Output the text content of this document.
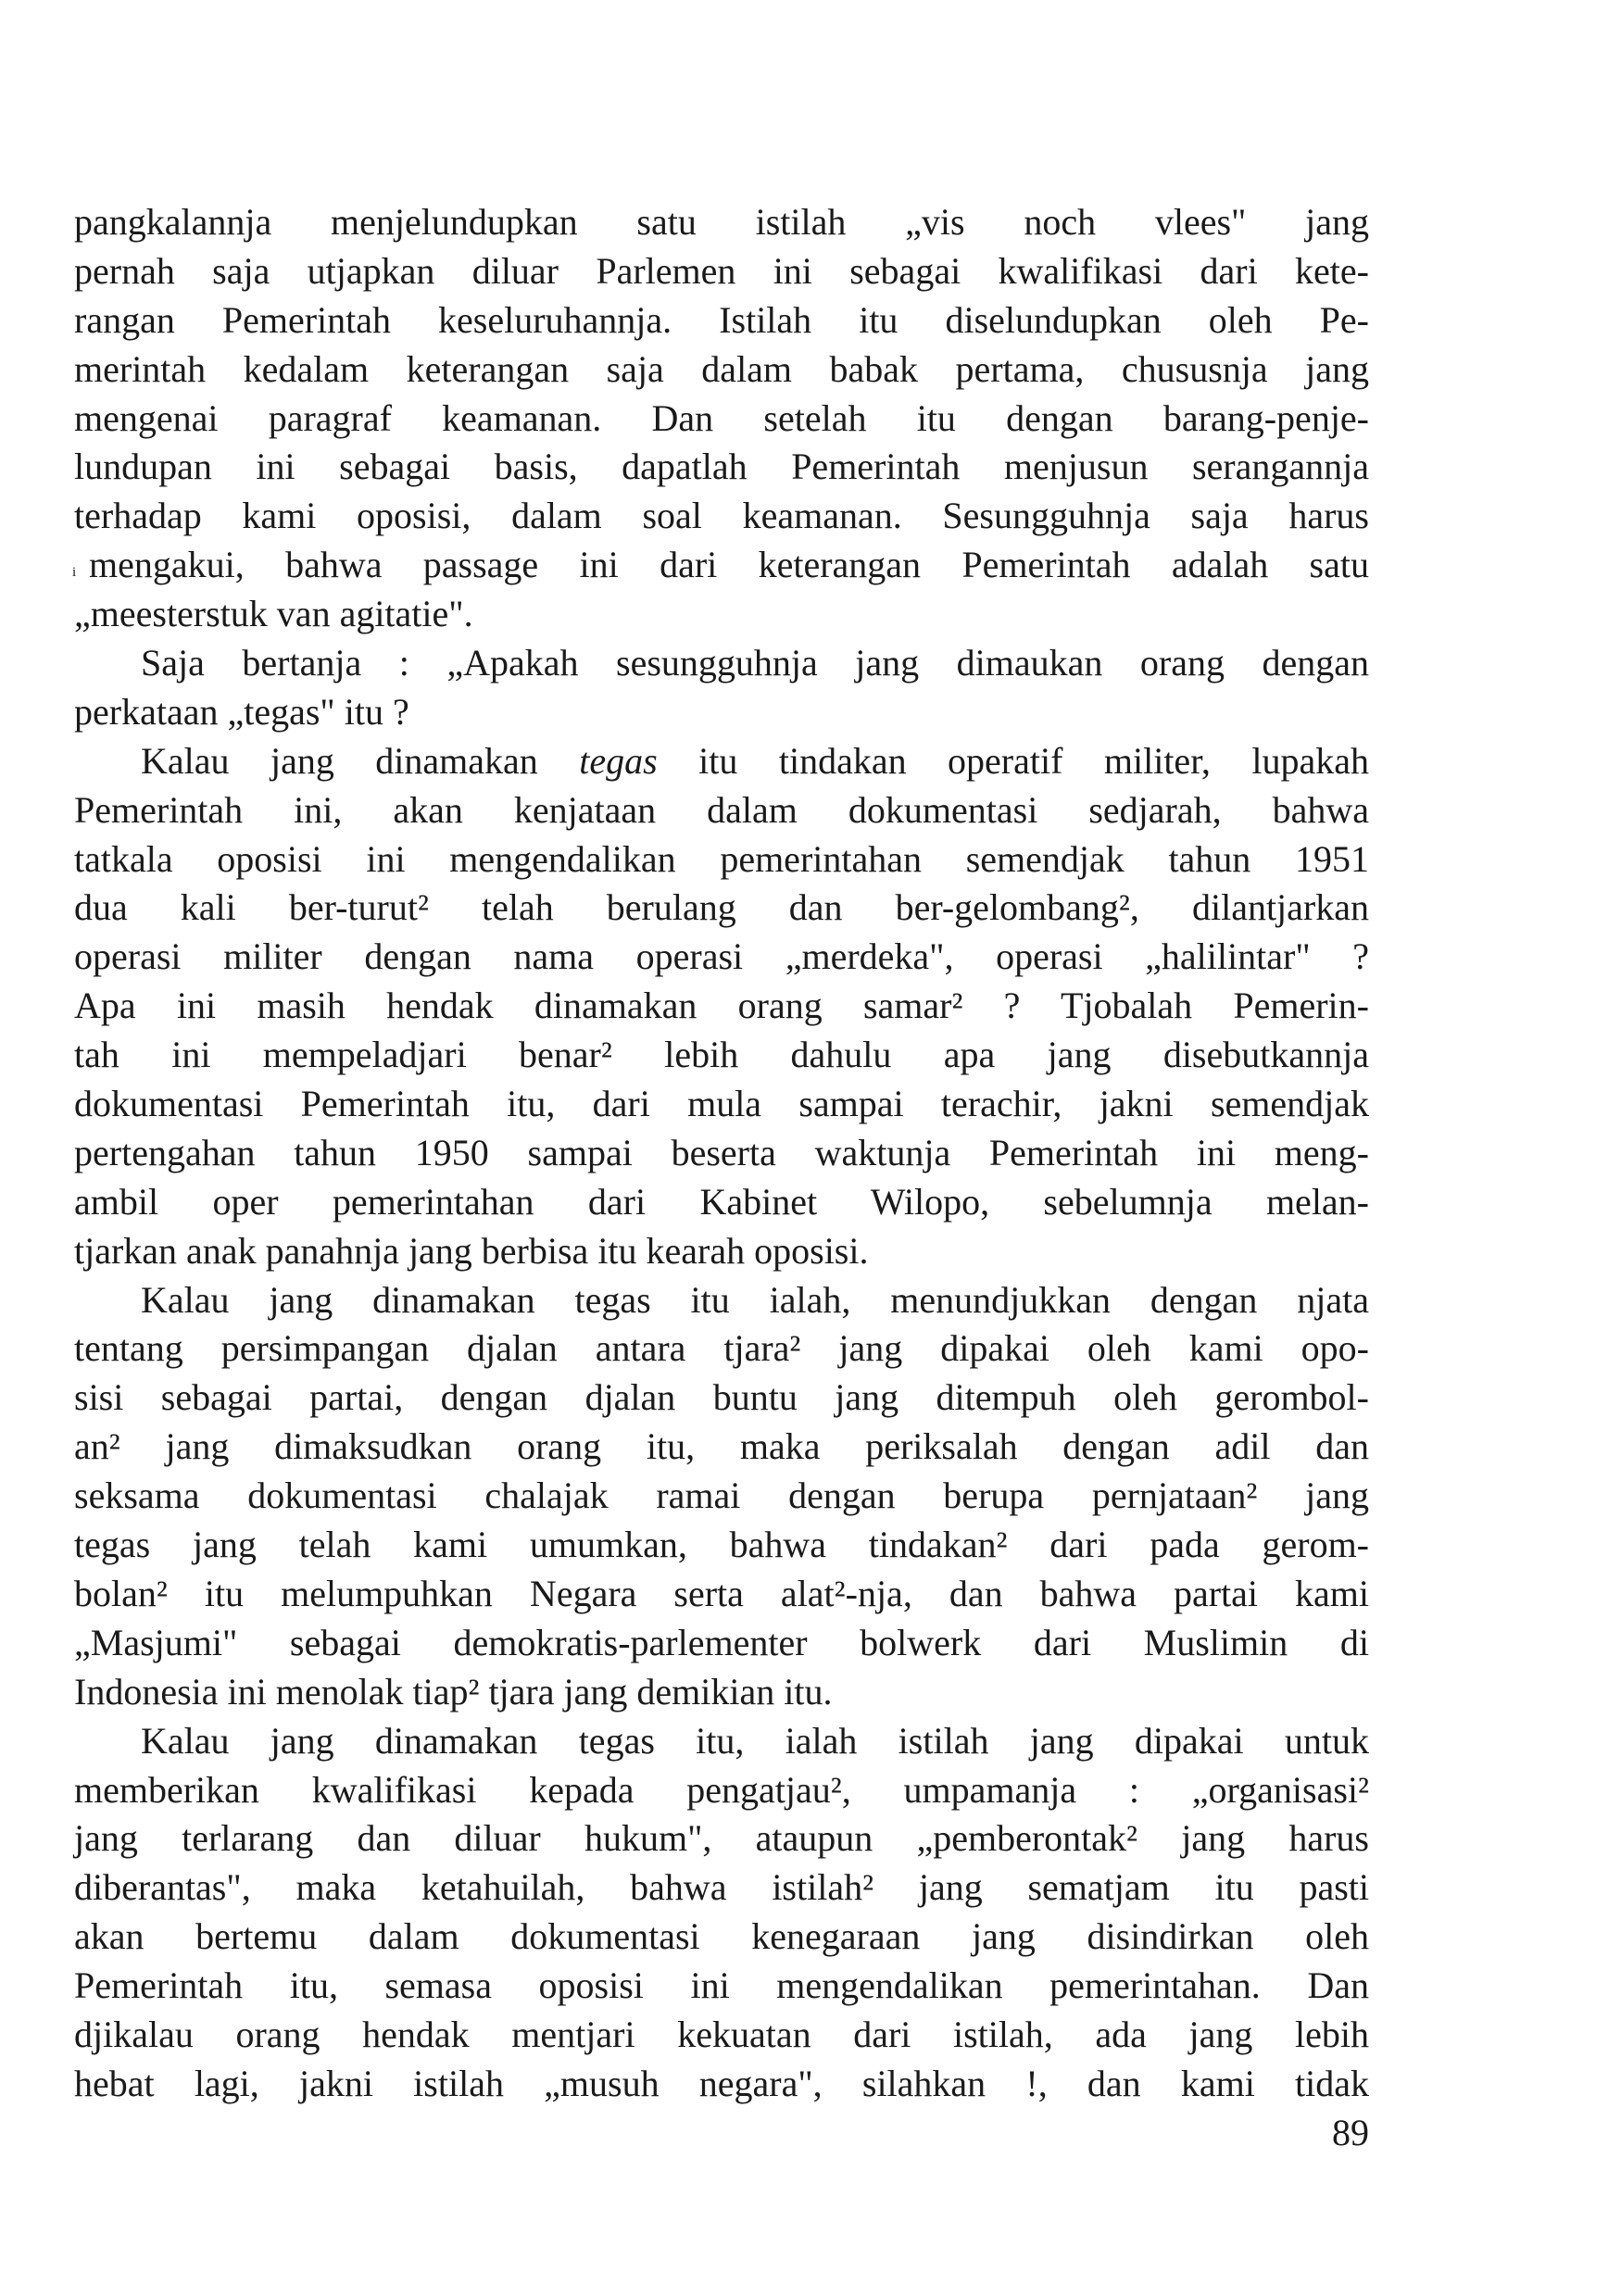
pangkalannja menjelundupkan satu istilah „vis noch vlees" jang
pernah saja utjapkan diluar Parlemen ini sebagai kwalifikasi dari kete-
rangan Pemerintah keseluruhannja. Istilah itu diselundupkan oleh Pe-
merintah kedalam keterangan saja dalam babak pertama, chususnja jang
mengenai paragraf keamanan. Dan setelah itu dengan barang-penje-
lundupan ini sebagai basis, dapatlah Pemerintah menjusun serangannja
terhadap kami oposisi, dalam soal keamanan. Sesungguhnja saja harus
i mengakui, bahwa passage ini dari keterangan Pemerintah adalah satu
„meesterstuk van agitatie".
Saja bertanja : „Apakah sesungguhnja jang dimaukan orang dengan
perkataan „tegas" itu ?
Kalau jang dinamakan tegas itu tindakan operatif militer, lupakah
Pemerintah ini, akan kenjataan dalam dokumentasi sedjarah, bahwa
tatkala oposisi ini mengendalikan pemerintahan semendjak tahun 1951
dua kali ber-turut² telah berulang dan ber-gelombang², dilantjarkan
operasi militer dengan nama operasi „merdeka", operasi „halilintar" ?
Apa ini masih hendak dinamakan orang samar² ? Tjobalah Pemerin-
tah ini mempeladjari benar² lebih dahulu apa jang disebutkannja
dokumentasi Pemerintah itu, dari mula sampai terachir, jakni semendjak
pertengahan tahun 1950 sampai beserta waktunja Pemerintah ini meng-
ambil oper pemerintahan dari Kabinet Wilopo, sebelumnja melan-
tjarkan anak panahnja jang berbisa itu kearah oposisi.
Kalau jang dinamakan tegas itu ialah, menundjukkan dengan njata
tentang persimpangan djalan antara tjara² jang dipakai oleh kami opo-
sisi sebagai partai, dengan djalan buntu jang ditempuh oleh gerombol-
an² jang dimaksudkan orang itu, maka periksalah dengan adil dan
seksama dokumentasi chalajak ramai dengan berupa pernjataan² jang
tegas jang telah kami umumkan, bahwa tindakan² dari pada gerom-
bolan² itu melumpuhkan Negara serta alat²-nja, dan bahwa partai kami
„Masjumi" sebagai demokratis-parlementer bolwerk dari Muslimin di
Indonesia ini menolak tiap² tjara jang demikian itu.
Kalau jang dinamakan tegas itu, ialah istilah jang dipakai untuk
memberikan kwalifikasi kepada pengatjau², umpamanja : „organisasi²
jang terlarang dan diluar hukum", ataupun „pemberontak² jang harus
diberantas", maka ketahuilah, bahwa istilah² jang sematjam itu pasti
akan bertemu dalam dokumentasi kenegaraan jang disindirkan oleh
Pemerintah itu, semasa oposisi ini mengendalikan pemerintahan. Dan
djikalau orang hendak mentjari kekuatan dari istilah, ada jang lebih
hebat lagi, jakni istilah „musuh negara", silahkan !, dan kami tidak
89
